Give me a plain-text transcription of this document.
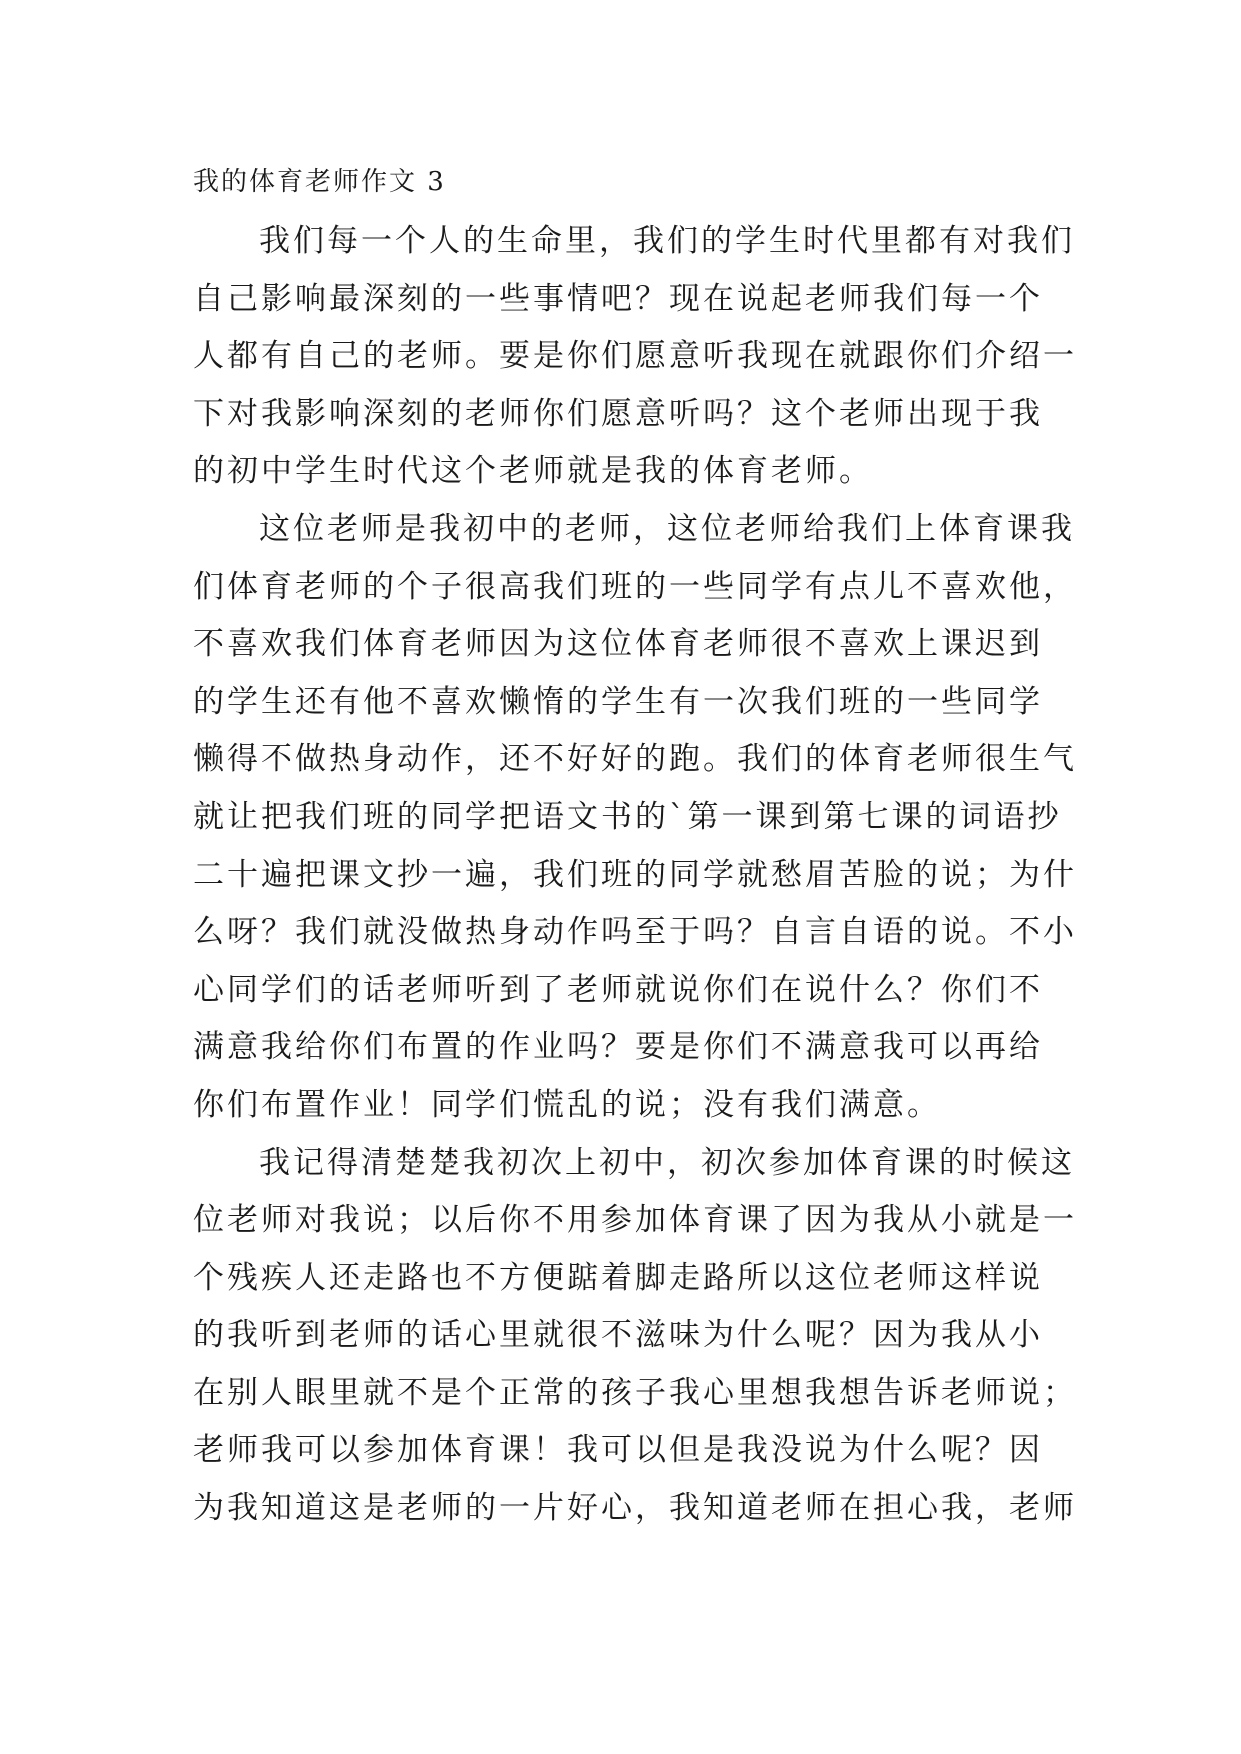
我的体育老师作文 3

我们每一个人的生命里，我们的学生时代里都有对我们

自己影响最深刻的一些事情吧？现在说起老师我们每一个

人都有自己的老师。要是你们愿意听我现在就跟你们介绍一

下对我影响深刻的老师你们愿意听吗？这个老师出现于我

的初中学生时代这个老师就是我的体育老师。

这位老师是我初中的老师，这位老师给我们上体育课我

们体育老师的个子很高我们班的一些同学有点儿不喜欢他，

不喜欢我们体育老师因为这位体育老师很不喜欢上课迟到

的学生还有他不喜欢懒惰的学生有一次我们班的一些同学

懒得不做热身动作，还不好好的跑。我们的体育老师很生气

就让把我们班的同学把语文书的`第一课到第七课的词语抄

二十遍把课文抄一遍，我们班的同学就愁眉苦脸的说；为什

么呀？我们就没做热身动作吗至于吗？自言自语的说。不小

心同学们的话老师听到了老师就说你们在说什么？你们不

满意我给你们布置的作业吗？要是你们不满意我可以再给

你们布置作业！同学们慌乱的说；没有我们满意。

我记得清楚楚我初次上初中，初次参加体育课的时候这

位老师对我说；以后你不用参加体育课了因为我从小就是一

个残疾人还走路也不方便踮着脚走路所以这位老师这样说

的我听到老师的话心里就很不滋味为什么呢？因为我从小

在别人眼里就不是个正常的孩子我心里想我想告诉老师说；

老师我可以参加体育课！我可以但是我没说为什么呢？因

为我知道这是老师的一片好心，我知道老师在担心我，老师
